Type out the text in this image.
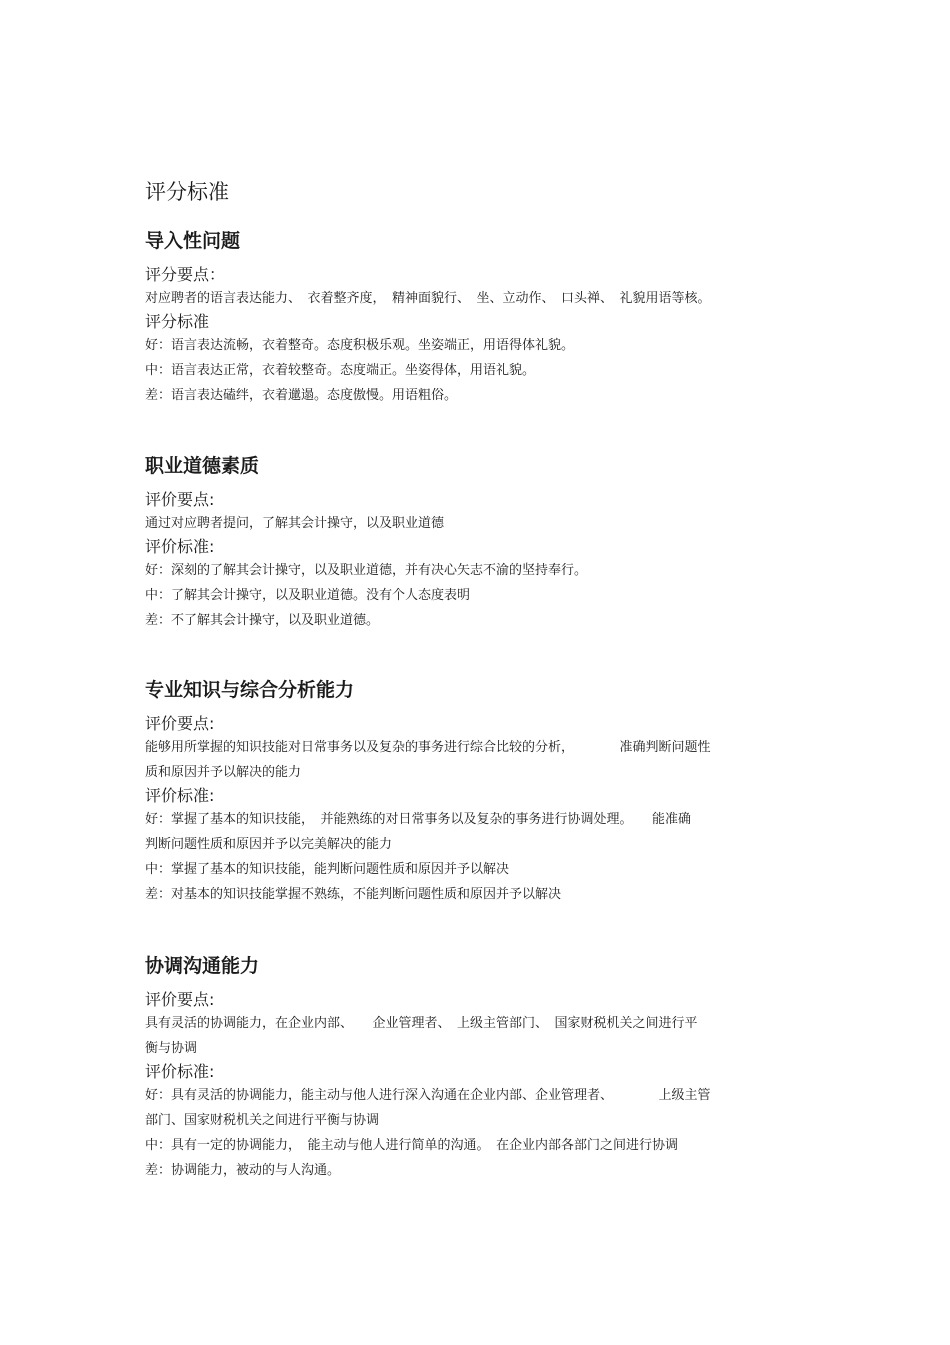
评分标准
导入性问题
评分要点：
对应聘者的语言表达能力、　衣着整齐度，　精神面貌行、　坐、立动作、　口头禅、　礼貌用语等核。
评分标准
好：语言表达流畅，衣着整奇。态度积极乐观。坐姿端正，用语得体礼貌。
中：语言表达正常，衣着较整奇。态度端正。坐姿得体，用语礼貌。
差：语言表达磕绊，衣着邋遢。态度傲慢。用语粗俗。
职业道德素质
评价要点:
通过对应聘者提问，了解其会计操守，以及职业道德
评价标准:
好：深刻的了解其会计操守，以及职业道德，并有决心矢志不渝的坚持奉行。
中：了解其会计操守，以及职业道德。没有个人态度表明
差：不了解其会计操守，以及职业道德。
专业知识与综合分析能力
评价要点:
能够用所掌握的知识技能对日常事务以及复杂的事务进行综合比较的分析，　　　　准确判断问题性
质和原因并予以解决的能力
评价标准:
好：掌握了基本的知识技能，　并能熟练的对日常事务以及复杂的事务进行协调处理。　　能准确
判断问题性质和原因并予以完美解决的能力
中：掌握了基本的知识技能，能判断问题性质和原因并予以解决
差：对基本的知识技能掌握不熟练，不能判断问题性质和原因并予以解决
协调沟通能力
评价要点:
具有灵活的协调能力，在企业内部、　　企业管理者、　上级主管部门、　国家财税机关之间进行平
衡与协调
评价标准:
好：具有灵活的协调能力，能主动与他人进行深入沟通在企业内部、企业管理者、　　　　上级主管
部门、国家财税机关之间进行平衡与协调
中：具有一定的协调能力，　能主动与他人进行简单的沟通。　在企业内部各部门之间进行协调
差：协调能力，被动的与人沟通。
